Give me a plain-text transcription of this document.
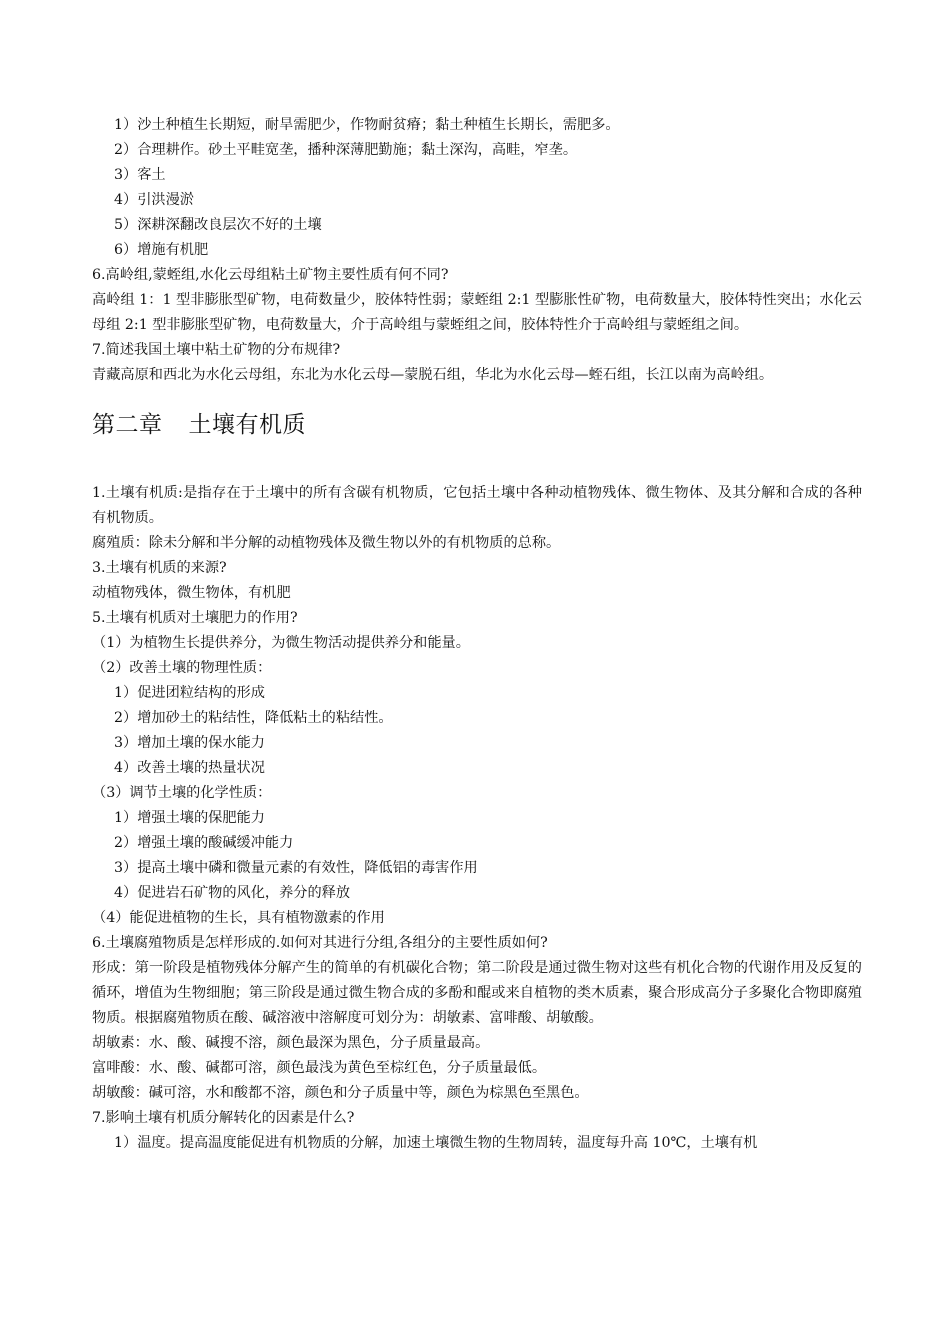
1）沙土种植生长期短，耐旱需肥少，作物耐贫瘠；黏土种植生长期长，需肥多。
2）合理耕作。砂土平畦宽垄，播种深薄肥勤施；黏土深沟，高畦，窄垄。
3）客土
4）引洪漫淤
5）深耕深翻改良层次不好的土壤
6）增施有机肥
6.高岭组,蒙蛭组,水化云母组粘土矿物主要性质有何不同?
高岭组 1：1 型非膨胀型矿物，电荷数量少，胶体特性弱；蒙蛭组 2:1 型膨胀性矿物，电荷数量大，胶体特性突出；水化云母组 2:1 型非膨胀型矿物，电荷数量大，介于高岭组与蒙蛭组之间，胶体特性介于高岭组与蒙蛭组之间。
7.简述我国土壤中粘土矿物的分布规律?
青藏高原和西北为水化云母组，东北为水化云母—蒙脱石组，华北为水化云母—蛭石组，长江以南为高岭组。
第二章 土壤有机质
1.土壤有机质:是指存在于土壤中的所有含碳有机物质，它包括土壤中各种动植物残体、微生物体、及其分解和合成的各种有机物质。
腐殖质：除未分解和半分解的动植物残体及微生物以外的有机物质的总称。
3.土壤有机质的来源?
动植物残体，微生物体，有机肥
5.土壤有机质对土壤肥力的作用?
（1）为植物生长提供养分，为微生物活动提供养分和能量。
（2）改善土壤的物理性质：
1）促进团粒结构的形成
2）增加砂土的粘结性，降低粘土的粘结性。
3）增加土壤的保水能力
4）改善土壤的热量状况
（3）调节土壤的化学性质：
1）增强土壤的保肥能力
2）增强土壤的酸碱缓冲能力
3）提高土壤中磷和微量元素的有效性，降低铝的毒害作用
4）促进岩石矿物的风化，养分的释放
（4）能促进植物的生长，具有植物激素的作用
6.土壤腐殖物质是怎样形成的.如何对其进行分组,各组分的主要性质如何?
形成：第一阶段是植物残体分解产生的简单的有机碳化合物；第二阶段是通过微生物对这些有机化合物的代谢作用及反复的循环，增值为生物细胞；第三阶段是通过微生物合成的多酚和醌或来自植物的类木质素，聚合形成高分子多聚化合物即腐殖物质。根据腐殖物质在酸、碱溶液中溶解度可划分为：胡敏素、富啡酸、胡敏酸。
胡敏素：水、酸、碱搜不溶，颜色最深为黑色，分子质量最高。
富啡酸：水、酸、碱都可溶，颜色最浅为黄色至棕红色，分子质量最低。
胡敏酸：碱可溶，水和酸都不溶，颜色和分子质量中等，颜色为棕黑色至黑色。
7.影响土壤有机质分解转化的因素是什么?
1）温度。提高温度能促进有机物质的分解，加速土壤微生物的生物周转，温度每升高 10℃，土壤有机
